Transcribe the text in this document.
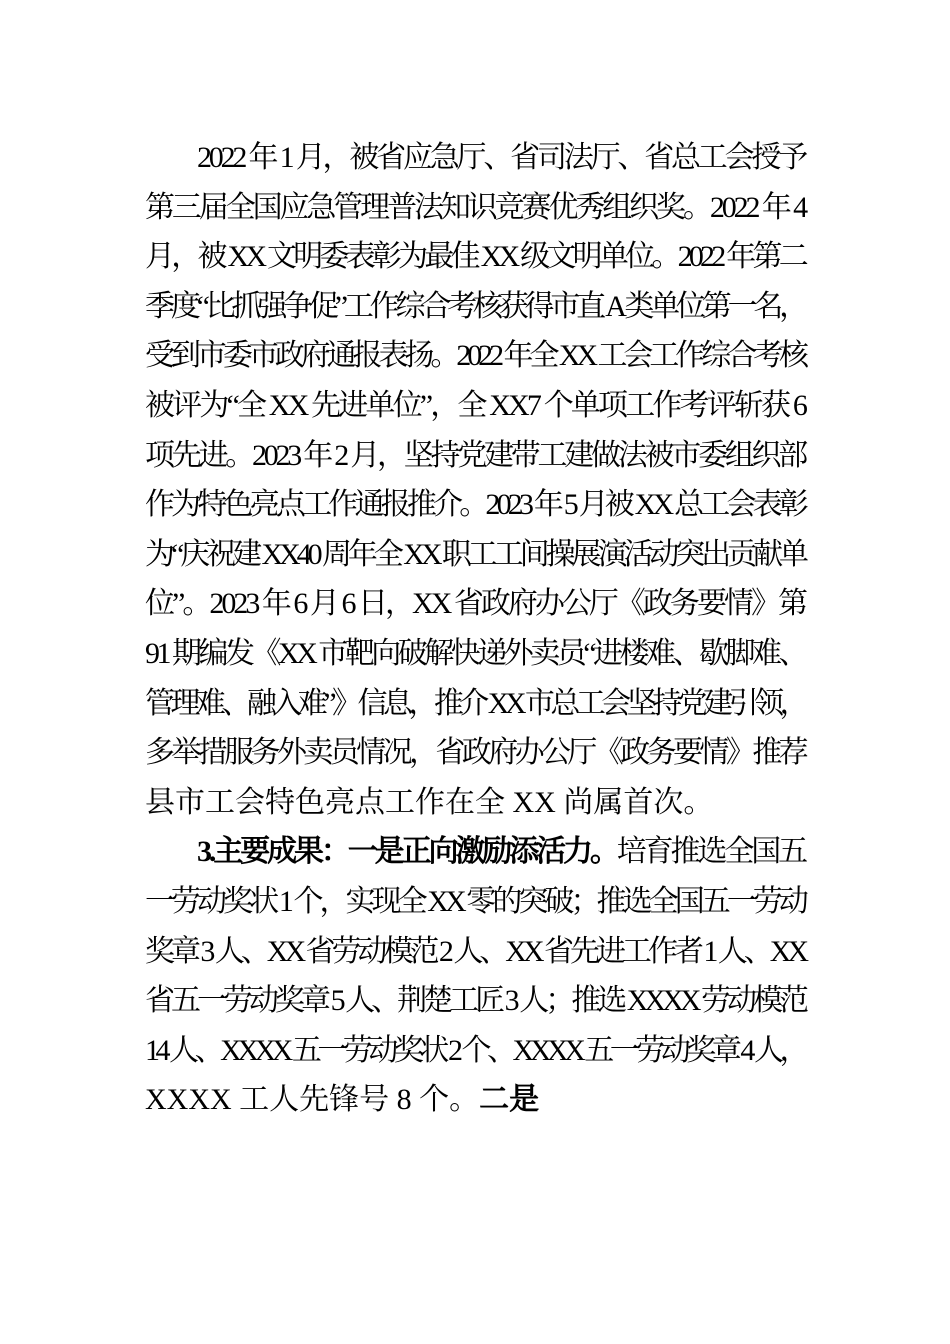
2022 年 1 月，被省应急厅、省司法厅、省总工会授予
第三届全国应急管理普法知识竞赛优秀组织奖。2022 年 4
月，被 XX 文明委表彰为最佳 XX 级文明单位。2022 年第二
季度“比抓强争促”工作综合考核获得市直 A 类单位第一名，
受到市委市政府通报表扬。2022 年全 XX 工会工作综合考核
被评为“全 XX 先进单位”，全 XX7 个单项工作考评斩获 6
项先进。2023 年 2 月，坚持党建带工建做法被市委组织部
作为特色亮点工作通报推介。2023 年 5 月被 XX 总工会表彰
为“庆祝建 XX40 周年全 XX 职工工间操展演活动突出贡献单
位”。2023 年 6 月 6 日，XX 省政府办公厅《政务要情》第
91 期编发《XX 市靶向破解快递外卖员“进楼难、歇脚难、
管理难、融入难”》信息，推介 XX 市总工会坚持党建引领，
多举措服务外卖员情况，省政府办公厅《政务要情》推荐
县市工会特色亮点工作在全 XX 尚属首次。
3.主要成果：一是正向激励添活力。培育推选全国五
一劳动奖状 1 个，实现全 XX 零的突破；推选全国五一劳动
奖章 3 人、XX 省劳动模范 2 人、XX 省先进工作者 1 人、XX
省五一劳动奖章 5 人、荆楚工匠 3 人；推选 XXXX 劳动模范
14 人、XXXX 五一劳动奖状 2 个、XXXX 五一劳动奖章 4 人，
XXXX 工人先锋号 8 个。二是
